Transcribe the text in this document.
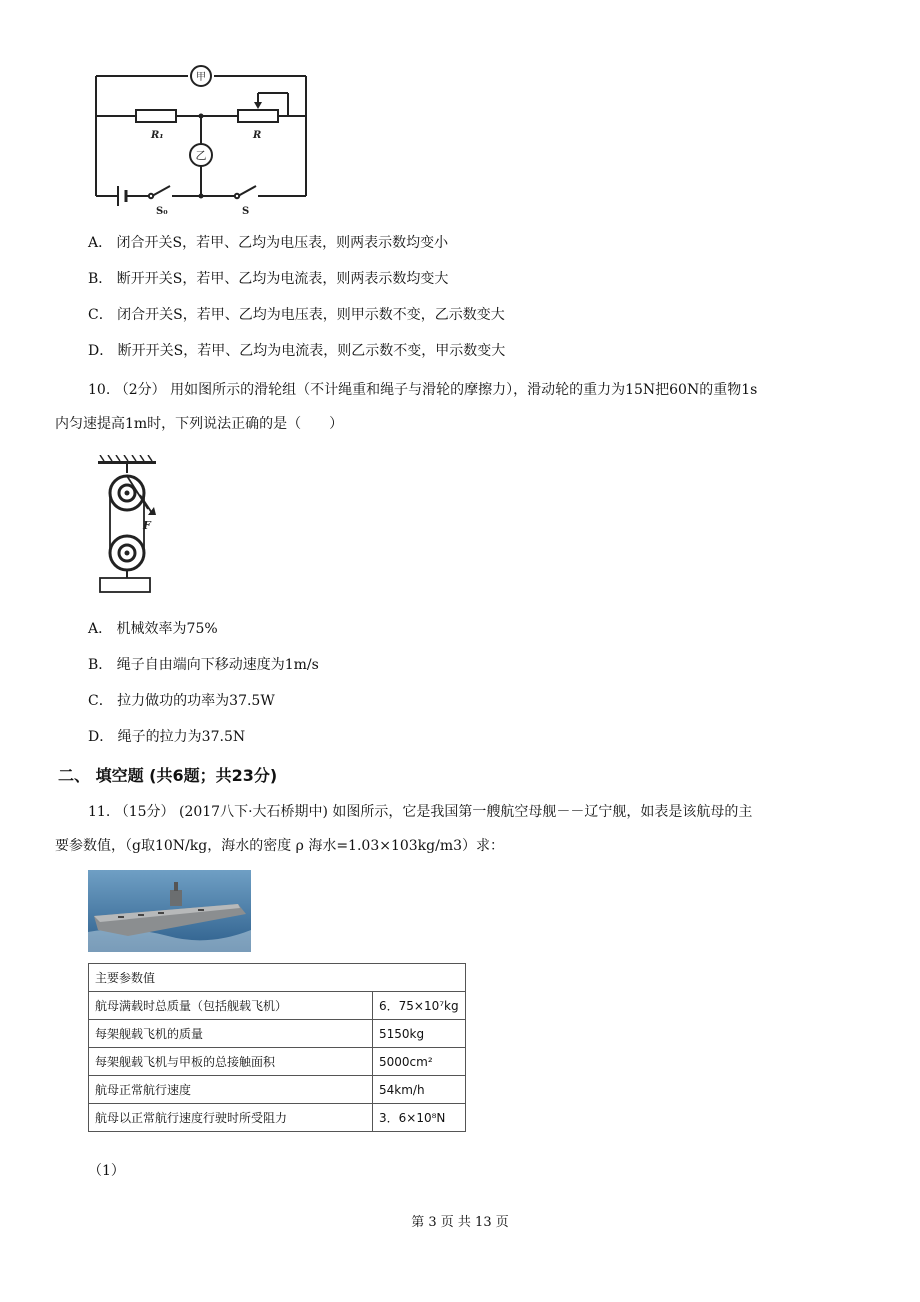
甲
乙
R₁	R
S₀	S
A． 闭合开关S，若甲、乙均为电压表，则两表示数均变小
B． 断开开关S，若甲、乙均为电流表，则两表示数均变大
C． 闭合开关S，若甲、乙均为电压表，则甲示数不变，乙示数变大
D． 断开开关S，若甲、乙均为电流表，则乙示数不变，甲示数变大
10. （2分） 用如图所示的滑轮组（不计绳重和绳子与滑轮的摩擦力），滑动轮的重力为15N把60N的重物1s
内匀速提高1m时，下列说法正确的是（　　）
F
A． 机械效率为75%
B． 绳子自由端向下移动速度为1m/s
C． 拉力做功的功率为37.5W
D． 绳子的拉力为37.5N
二、 填空题 (共6题；共23分)
11. （15分） (2017八下·大石桥期中) 如图所示，它是我国第一艘航空母舰－－辽宁舰，如表是该航母的主
要参数值，（g取10N/kg，海水的密度 ρ 海水=1.03×103kg/m3）求：
主要参数值	
航母满载时总质量（包括舰载飞机）	6．75×10⁷kg
每架舰载飞机的质量	5150kg
每架舰载飞机与甲板的总接触面积	5000cm²
航母正常航行速度	54km/h
航母以正常航行速度行驶时所受阻力	3．6×10⁸N
（1）
第 3 页 共 13 页
